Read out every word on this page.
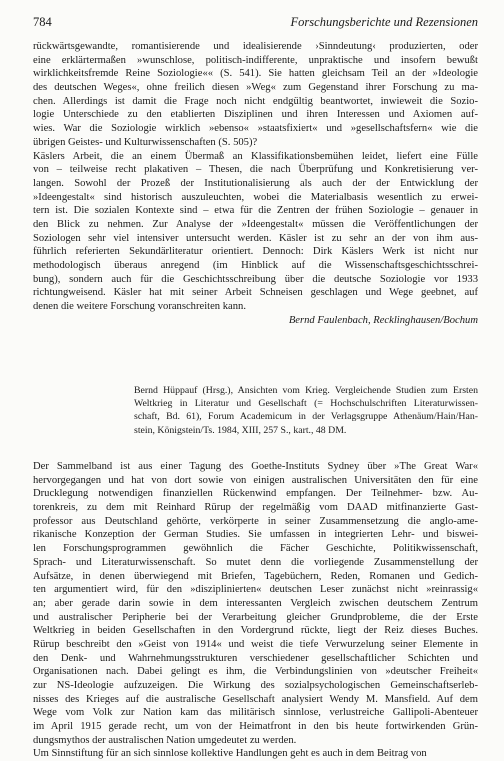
784	Forschungsberichte und Rezensionen
rückwärtsgewandte, romantisierende und idealisierende ›Sinndeutung‹ produzierten, oder
eine erklärtermaßen »wunschlose, politisch-indifferente, unpraktische und insofern bewußt
wirklichkeitsfremde Reine Soziologie«« (S. 541). Sie hatten gleichsam Teil an der »Ideologie
des deutschen Weges«, ohne freilich diesen »Weg« zum Gegenstand ihrer Forschung zu ma-
chen. Allerdings ist damit die Frage noch nicht endgültig beantwortet, inwieweit die Sozio-
logie Unterschiede zu den etablierten Disziplinen und ihren Interessen und Axiomen auf-
wies. War die Soziologie wirklich »ebenso« »staatsfixiert« und »gesellschaftsfern« wie die
übrigen Geistes- und Kulturwissenschaften (S. 505)?
Käslers Arbeit, die an einem Übermaß an Klassifikationsbemühen leidet, liefert eine Fülle
von – teilweise recht plakativen – Thesen, die nach Überprüfung und Konkretisierung ver-
langen. Sowohl der Prozeß der Institutionalisierung als auch der der Entwicklung der
»Ideengestalt« sind historisch auszuleuchten, wobei die Materialbasis wesentlich zu erwei-
tern ist. Die sozialen Kontexte sind – etwa für die Zentren der frühen Soziologie – genauer in
den Blick zu nehmen. Zur Analyse der »Ideengestalt« müssen die Veröffentlichungen der
Soziologen sehr viel intensiver untersucht werden. Käsler ist zu sehr an der von ihm aus-
führlich referierten Sekundärliteratur orientiert. Dennoch: Dirk Käslers Werk ist nicht nur
methodologisch überaus anregend (im Hinblick auf die Wissenschaftsgeschichtsschrei-
bung), sondern auch für die Geschichtsschreibung über die deutsche Soziologie vor 1933
richtungweisend. Käsler hat mit seiner Arbeit Schneisen geschlagen und Wege geebnet, auf
denen die weitere Forschung voranschreiten kann.
Bernd Faulenbach, Recklinghausen/Bochum
Bernd Hüppauf (Hrsg.), Ansichten vom Krieg. Vergleichende Studien zum Ersten
Weltkrieg in Literatur und Gesellschaft (= Hochschulschriften Literaturwissen-
schaft, Bd. 61), Forum Academicum in der Verlagsgruppe Athenäum/Hain/Han-
stein, Königstein/Ts. 1984, XIII, 257 S., kart., 48 DM.
Der Sammelband ist aus einer Tagung des Goethe-Instituts Sydney über »The Great War«
hervorgegangen und hat von dort sowie von einigen australischen Universitäten den für eine
Drucklegung notwendigen finanziellen Rückenwind empfangen. Der Teilnehmer- bzw. Au-
torenkreis, zu dem mit Reinhard Rürup der regelmäßig vom DAAD mitfinanzierte Gast-
professor aus Deutschland gehörte, verkörperte in seiner Zusammensetzung die anglo-ame-
rikanische Konzeption der German Studies. Sie umfassen in integrierten Lehr- und biswei-
len Forschungsprogrammen gewöhnlich die Fächer Geschichte, Politikwissenschaft,
Sprach- und Literaturwissenschaft. So mutet denn die vorliegende Zusammenstellung der
Aufsätze, in denen überwiegend mit Briefen, Tagebüchern, Reden, Romanen und Gedich-
ten argumentiert wird, für den »disziplinierten« deutschen Leser zunächst nicht »reinrassig«
an; aber gerade darin sowie in dem interessanten Vergleich zwischen deutschem Zentrum
und australischer Peripherie bei der Verarbeitung gleicher Grundprobleme, die der Erste
Weltkrieg in beiden Gesellschaften in den Vordergrund rückte, liegt der Reiz dieses Buches.
Rürup beschreibt den »Geist von 1914« und weist die tiefe Verwurzelung seiner Elemente in
den Denk- und Wahrnehmungsstrukturen verschiedener gesellschaftlicher Schichten und
Organisationen nach. Dabei gelingt es ihm, die Verbindungslinien von »deutscher Freiheit«
zur NS-Ideologie aufzuzeigen. Die Wirkung des sozialpsychologischen Gemeinschaftserleb-
nisses des Krieges auf die australische Gesellschaft analysiert Wendy M. Mansfield. Auf dem
Wege vom Volk zur Nation kam das militärisch sinnlose, verlustreiche Gallipoli-Abenteuer
im April 1915 gerade recht, um von der Heimatfront in den bis heute fortwirkenden Grün-
dungsmythos der australischen Nation umgedeutet zu werden.
Um Sinnstiftung für an sich sinnlose kollektive Handlungen geht es auch in dem Beitrag von
